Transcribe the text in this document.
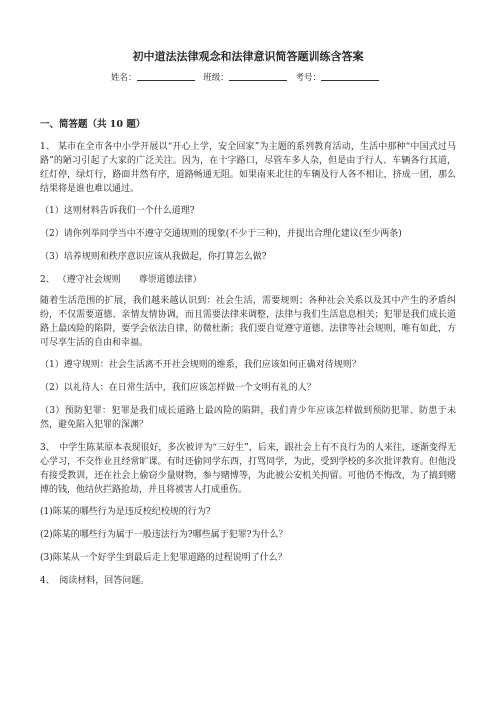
初中道法法律观念和法律意识简答题训练含答案
姓名：	班级：	考号：
一、简答题（共 10 题）

1、 某市在全市各中小学开展以“开心上学，安全回家”为主题的系列教育活动，生活中那种“中国式过马路”的陋习引起了大家的广泛关注。因为，在十字路口，尽管车多人杂，但是由于行人、车辆各行其道，红灯停，绿灯行，路面井然有序，道路畅通无阻。如果南来北往的车辆及行人各不相让，挤成一团，那么结果将是谁也难以通过。

（1）这则材料告诉我们一个什么道理?

（2）请你列举同学当中不遵守交通规则的现象(不少于三种)，并提出合理化建议(至少两条)

（3）培养规则和秩序意识应该从我做起，你打算怎么做?

2、 （遵守社会规则　　尊崇道德法律）

随着生活范围的扩展，我们越来越认识到：社会生活，需要规则；各种社会关系以及其中产生的矛盾纠纷，不仅需要道德、亲情友情协调，而且需要法律来调整，法律与我们生活息息相关；犯罪是我们成长道路上最凶险的陷阱，要学会依法自律，防微杜渐；我们要自觉遵守道德、法律等社会规则，唯有如此，方可尽享生活的自由和幸福。

（1）遵守规则：社会生活离不开社会规则的维系，我们应该如何正确对待规则？

（2）以礼待人：在日常生活中，我们应该怎样做一个文明有礼的人？

（3）预防犯罪：犯罪是我们成长道路上最凶险的陷阱，我们青少年应该怎样做到预防犯罪、防患于未然，避免陷入犯罪的深渊？

3、　中学生陈某原本表现很好，多次被评为“三好生”，后来，跟社会上有不良行为的人来往，逐渐变得无心学习，不交作业且经常旷课。有时还偷同学东西，打骂同学，为此，受到学校的多次批评教育。但他没有接受教训，还在社会上偷窃少量财物，参与赌博等，为此被公安机关拘留。可他仍不悔改，为了搞到赌博的钱，他结伙拦路抢劫，并且将被害人打成重伤。

(1)陈某的哪些行为是违反校纪校规的行为?

(2)陈某的哪些行为属于一般违法行为?哪些属于犯罪?为什么？

(3)陈某从一个好学生到最后走上犯罪道路的过程说明了什么？

4、　阅读材料，回答问题。
